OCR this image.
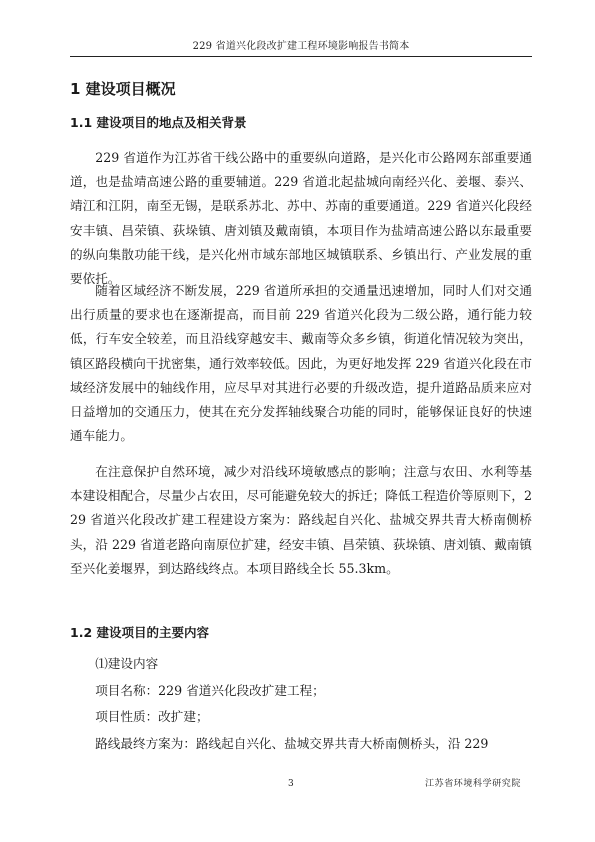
229 省道兴化段改扩建工程环境影响报告书简本
1 建设项目概况
1.1 建设项目的地点及相关背景

229 省道作为江苏省干线公路中的重要纵向道路，是兴化市公路网东部重要通道，也是盐靖高速公路的重要辅道。229 省道北起盐城向南经兴化、姜堰、泰兴、靖江和江阴，南至无锡，是联系苏北、苏中、苏南的重要通道。229 省道兴化段经安丰镇、昌荣镇、荻垛镇、唐刘镇及戴南镇，本项目作为盐靖高速公路以东最重要的纵向集散功能干线，是兴化州市域东部地区城镇联系、乡镇出行、产业发展的重要依托。

随着区域经济不断发展，229 省道所承担的交通量迅速增加，同时人们对交通出行质量的要求也在逐渐提高，而目前 229 省道兴化段为二级公路，通行能力较低，行车安全较差，而且沿线穿越安丰、戴南等众多乡镇，街道化情况较为突出，镇区路段横向干扰密集，通行效率较低。因此，为更好地发挥 229 省道兴化段在市域经济发展中的轴线作用，应尽早对其进行必要的升级改造，提升道路品质来应对日益增加的交通压力，使其在充分发挥轴线聚合功能的同时，能够保证良好的快速通车能力。

在注意保护自然环境，减少对沿线环境敏感点的影响；注意与农田、水利等基本建设相配合，尽量少占农田，尽可能避免较大的拆迁；降低工程造价等原则下，229 省道兴化段改扩建工程建设方案为：路线起自兴化、盐城交界共青大桥南侧桥头，沿 229 省道老路向南原位扩建，经安丰镇、昌荣镇、荻垛镇、唐刘镇、戴南镇至兴化姜堰界，到达路线终点。本项目路线全长 55.3km。

1.2 建设项目的主要内容

⑴建设内容

项目名称：229 省道兴化段改扩建工程；

项目性质：改扩建；

路线最终方案为：路线起自兴化、盐城交界共青大桥南侧桥头，沿 229

3	江苏省环境科学研究院
